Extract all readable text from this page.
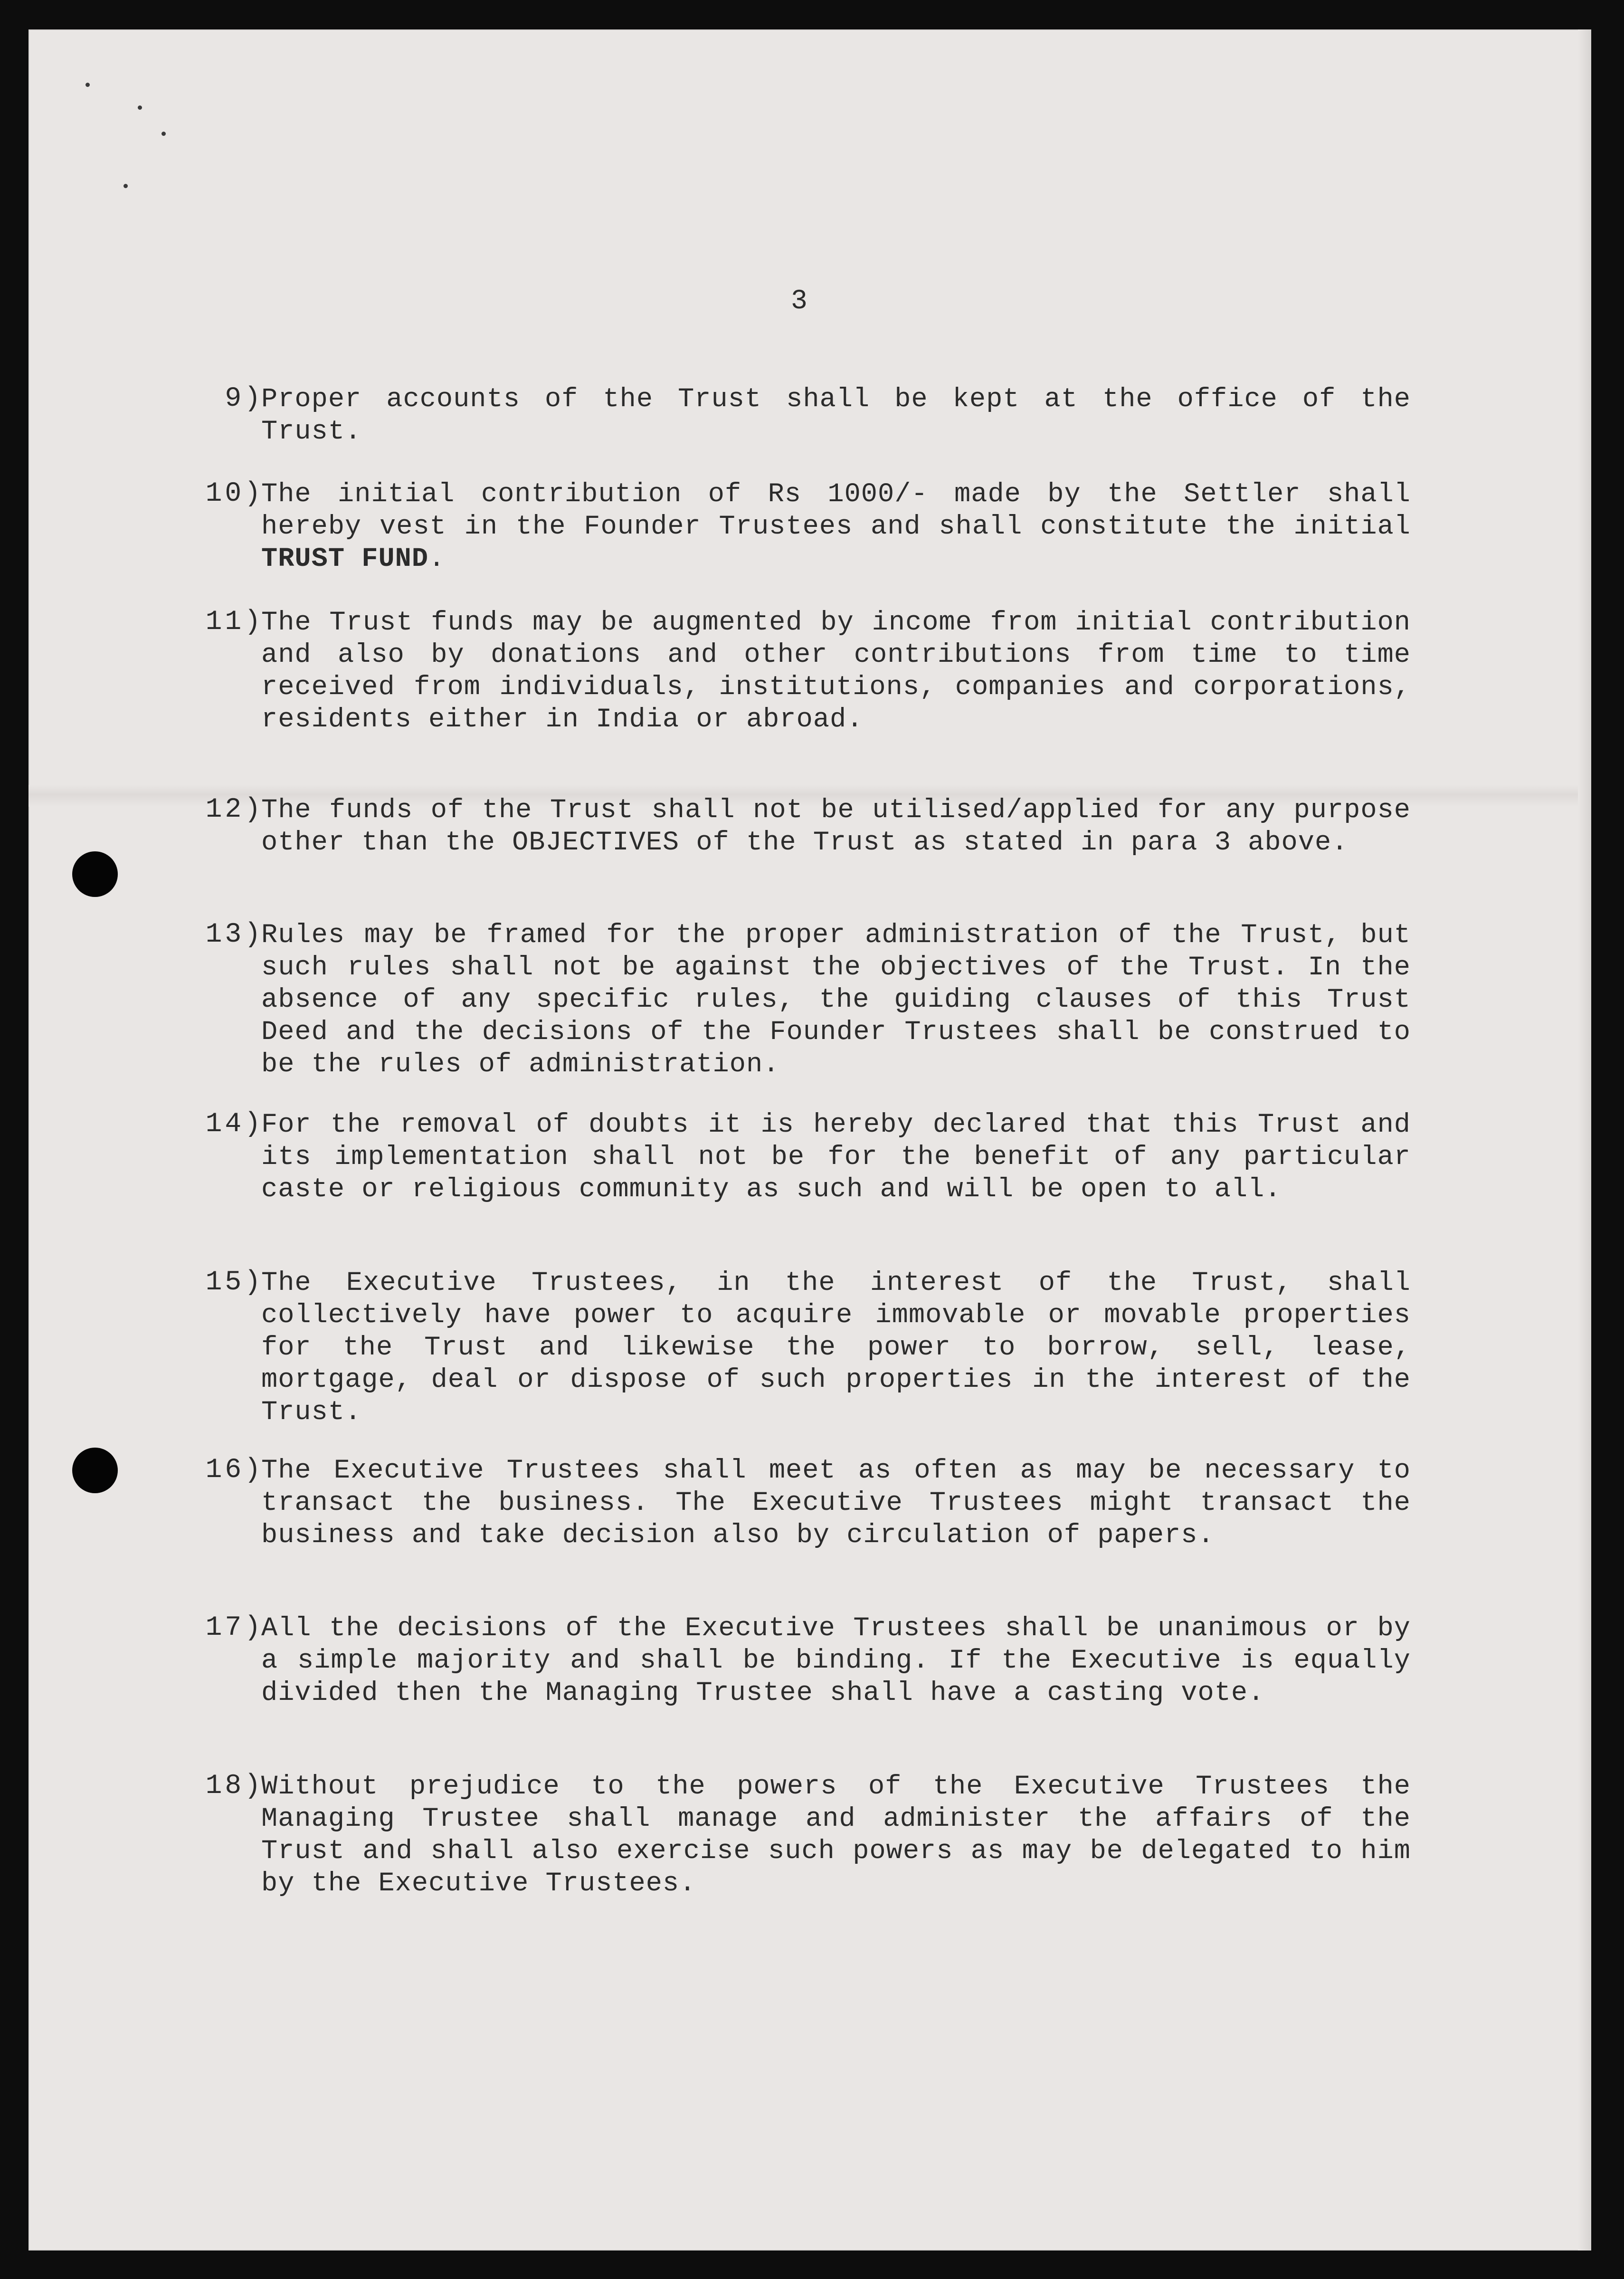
3
9)
Proper accounts of the Trust shall be kept at the office of the Trust.
10)
The initial contribution of Rs 1000/- made by the Settler shall hereby vest in the Founder Trustees and shall constitute the initial TRUST FUND.
11)
The Trust funds may be augmented by income from initial contribution and also by donations and other contributions from time to time received from individuals, institutions, companies and corporations, residents either in India or abroad.
12)
The funds of the Trust shall not be utilised/applied for any purpose other than the OBJECTIVES of the Trust as stated in para 3 above.
13)
Rules may be framed for the proper administration of the Trust, but such rules shall not be against the objectives of the Trust. In the absence of any specific rules, the guiding clauses of this Trust Deed and the decisions of the Founder Trustees shall be construed to be the rules of administration.
14)
For the removal of doubts it is hereby declared that this Trust and its implementation shall not be for the benefit of any particular caste or religious community as such and will be open to all.
15)
The Executive Trustees, in the interest of the Trust, shall collectively have power to acquire immovable or movable properties for the Trust and likewise the power to borrow, sell, lease, mortgage, deal or dispose of such properties in the interest of the Trust.
16)
The Executive Trustees shall meet as often as may be necessary to transact the business. The Executive Trustees might transact the business and take decision also by circulation of papers.
17)
All the decisions of the Executive Trustees shall be unanimous or by a simple majority and shall be binding. If the Executive is equally divided then the Managing Trustee shall have a casting vote.
18)
Without prejudice to the powers of the Executive Trustees the Managing Trustee shall manage and administer the affairs of the Trust and shall also exercise such powers as may be delegated to him by the Executive Trustees.
